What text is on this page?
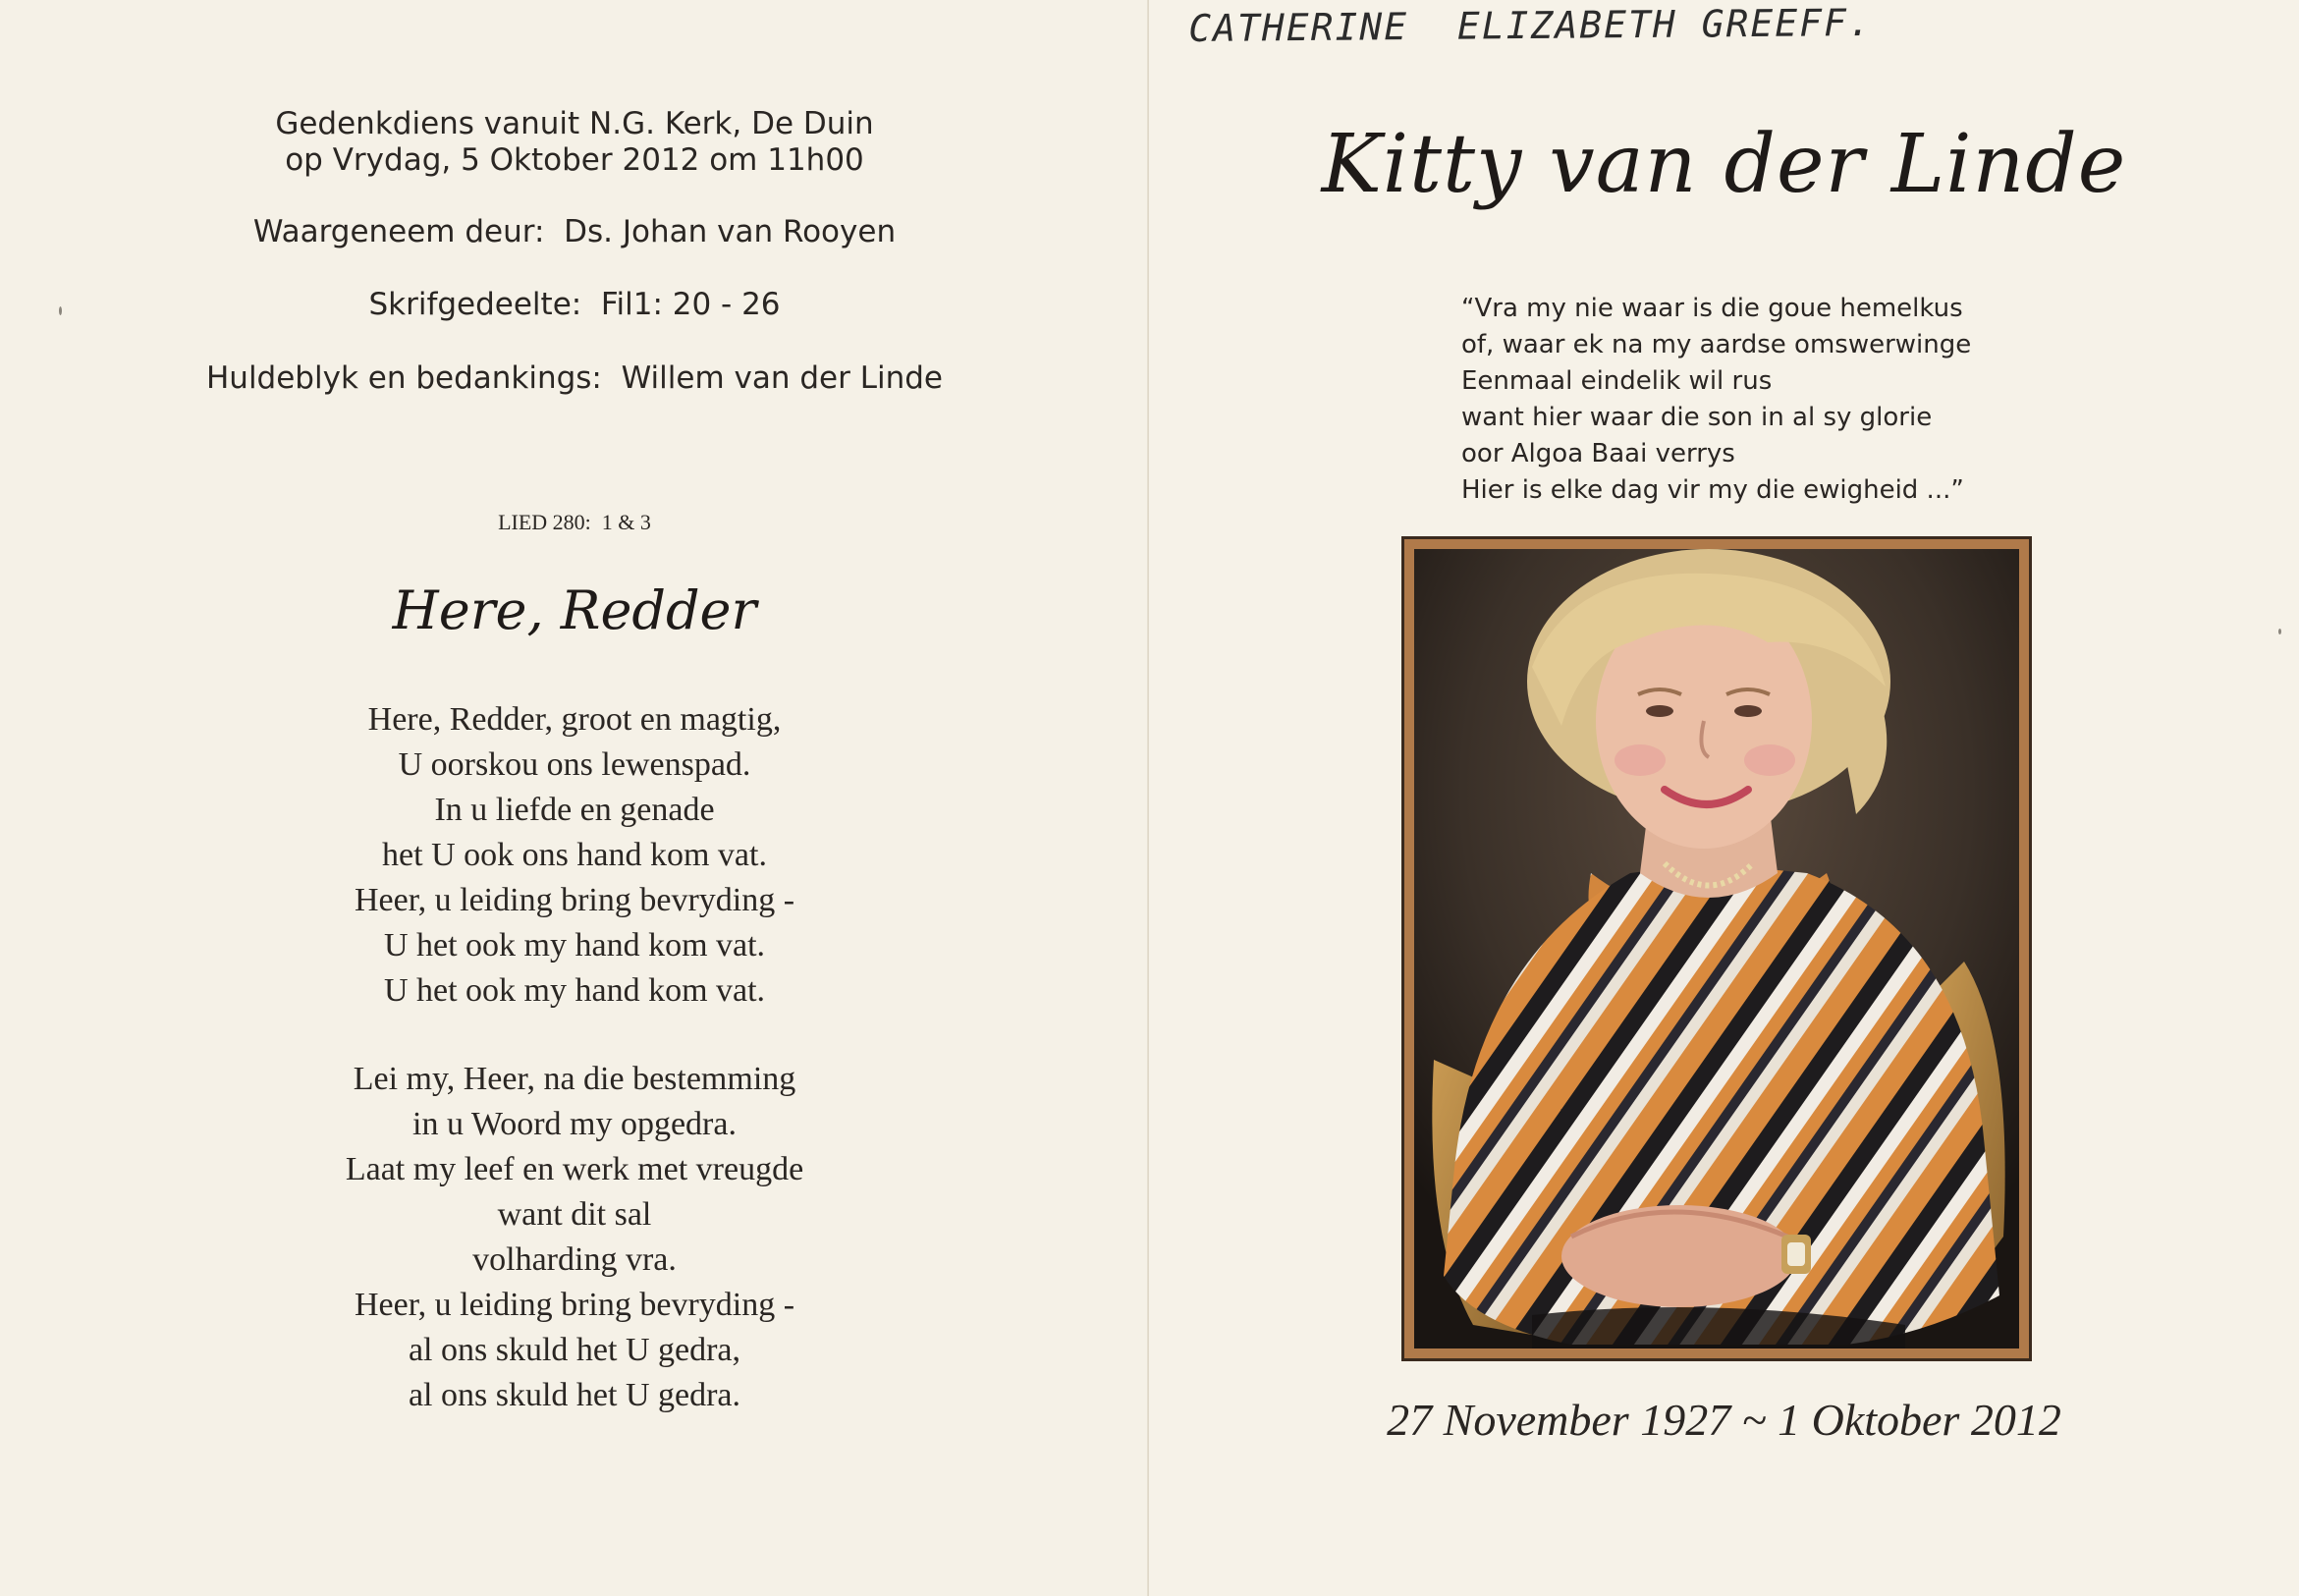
Gedenkdiens vanuit N.G. Kerk, De Duin
op Vrydag, 5 Oktober 2012 om 11h00
Waargeneem deur:  Ds. Johan van Rooyen
Skrifgedeelte:  Fil1: 20 - 26
Huldeblyk en bedankings:  Willem van der Linde
LIED 280:  1 & 3
Here, Redder
Here, Redder, groot en magtig,
U oorskou ons lewenspad.
In u liefde en genade
het U ook ons hand kom vat.
Heer, u leiding bring bevryding -
U het ook my hand kom vat.
U het ook my hand kom vat.
Lei my, Heer, na die bestemming
in u Woord my opgedra.
Laat my leef en werk met vreugde
want dit sal
volharding vra.
Heer, u leiding bring bevryding -
al ons skuld het U gedra,
al ons skuld het U gedra.
CATHERINE  ELIZABETH GREEFF.
Kitty van der Linde
“Vra my nie waar is die goue hemelkus
of, waar ek na my aardse omswerwinge
Eenmaal eindelik wil rus
want hier waar die son in al sy glorie
oor Algoa Baai verrys
Hier is elke dag vir my die ewigheid ...”
27 November 1927 ~ 1 Oktober 2012
